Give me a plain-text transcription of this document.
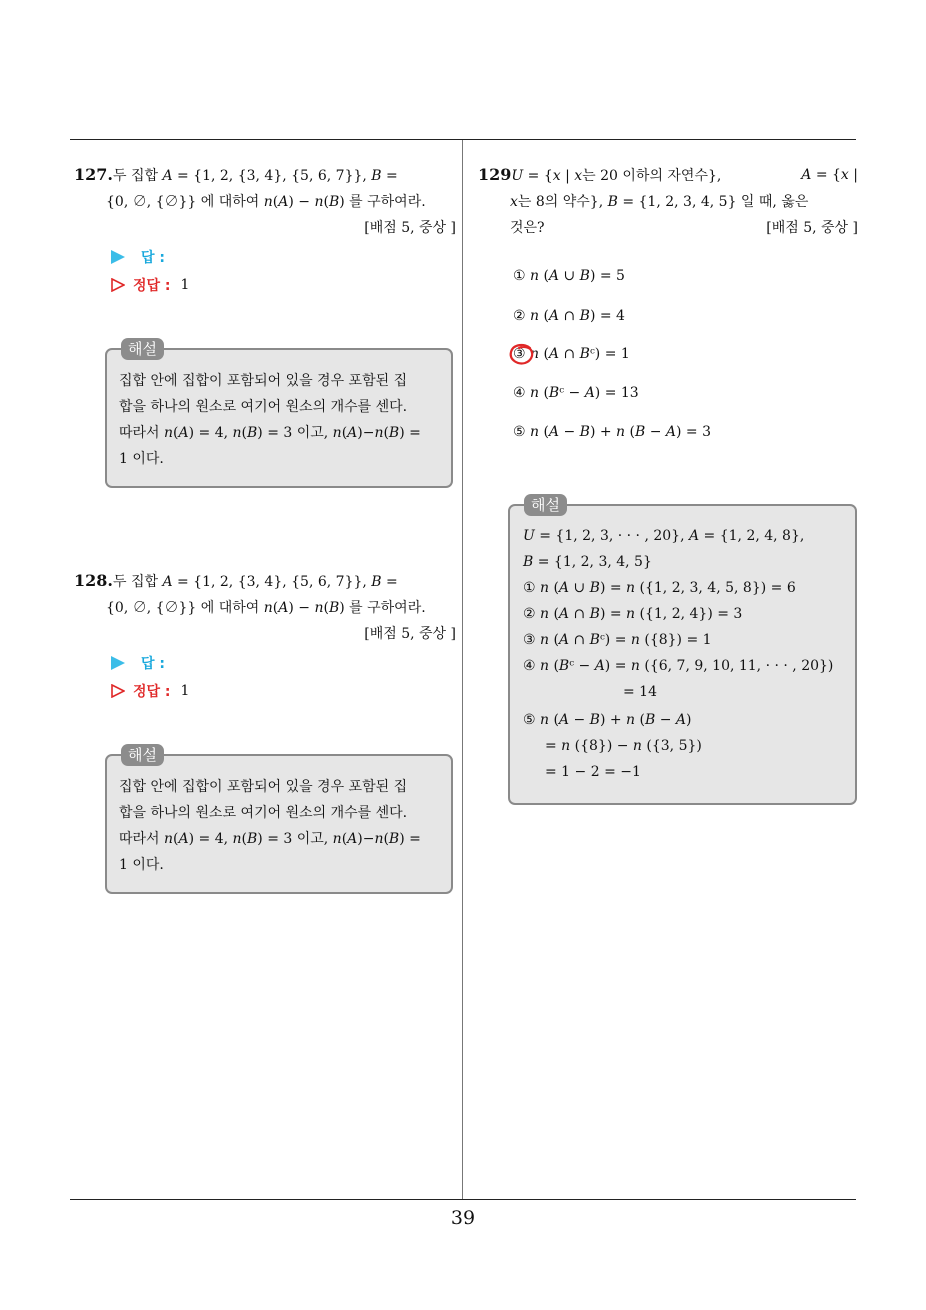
127.두 집합 𝐴 = {1, 2, {3, 4}, {5, 6, 7}}, 𝐵 =
{0, ∅, {∅}} 에 대하여 𝑛(𝐴) − 𝑛(𝐵) 를 구하여라.
[배점 5, 중상 ]
답 :
정답 : 1
해설
집합 안에 집합이 포함되어 있을 경우 포함된 집
합을 하나의 원소로 여기어 원소의 개수를 센다.
따라서 𝑛(𝐴) = 4, 𝑛(𝐵) = 3 이고, 𝑛(𝐴)−𝑛(𝐵) =
1 이다.
128.두 집합 𝐴 = {1, 2, {3, 4}, {5, 6, 7}}, 𝐵 =
{0, ∅, {∅}} 에 대하여 𝑛(𝐴) − 𝑛(𝐵) 를 구하여라.
[배점 5, 중상 ]
답 :
정답 : 1
해설
집합 안에 집합이 포함되어 있을 경우 포함된 집
합을 하나의 원소로 여기어 원소의 개수를 센다.
따라서 𝑛(𝐴) = 4, 𝑛(𝐵) = 3 이고, 𝑛(𝐴)−𝑛(𝐵) =
1 이다.
129𝑈 = {𝑥 | 𝑥는 20 이하의 자연수},	𝐴 = {𝑥 |
𝑥는 8의 약수}, 𝐵 = {1, 2, 3, 4, 5} 일 때, 옳은
것은?	[배점 5, 중상 ]
① 𝑛 (𝐴 ∪ 𝐵) = 5
② 𝑛 (𝐴 ∩ 𝐵) = 4
③ 𝑛 (𝐴 ∩ 𝐵ᶜ) = 1
④ 𝑛 (𝐵ᶜ − 𝐴) = 13
⑤ 𝑛 (𝐴 − 𝐵) + 𝑛 (𝐵 − 𝐴) = 3
해설
𝑈 = {1, 2, 3, · · · , 20}, 𝐴 = {1, 2, 4, 8},
𝐵 = {1, 2, 3, 4, 5}
① 𝑛 (𝐴 ∪ 𝐵) = 𝑛 ({1, 2, 3, 4, 5, 8}) = 6
② 𝑛 (𝐴 ∩ 𝐵) = 𝑛 ({1, 2, 4}) = 3
③ 𝑛 (𝐴 ∩ 𝐵ᶜ) = 𝑛 ({8}) = 1
④ 𝑛 (𝐵ᶜ − 𝐴) = 𝑛 ({6, 7, 9, 10, 11, · · · , 20})
= 14
⑤ 𝑛 (𝐴 − 𝐵) + 𝑛 (𝐵 − 𝐴)
= 𝑛 ({8}) − 𝑛 ({3, 5})
= 1 − 2 = −1
39
